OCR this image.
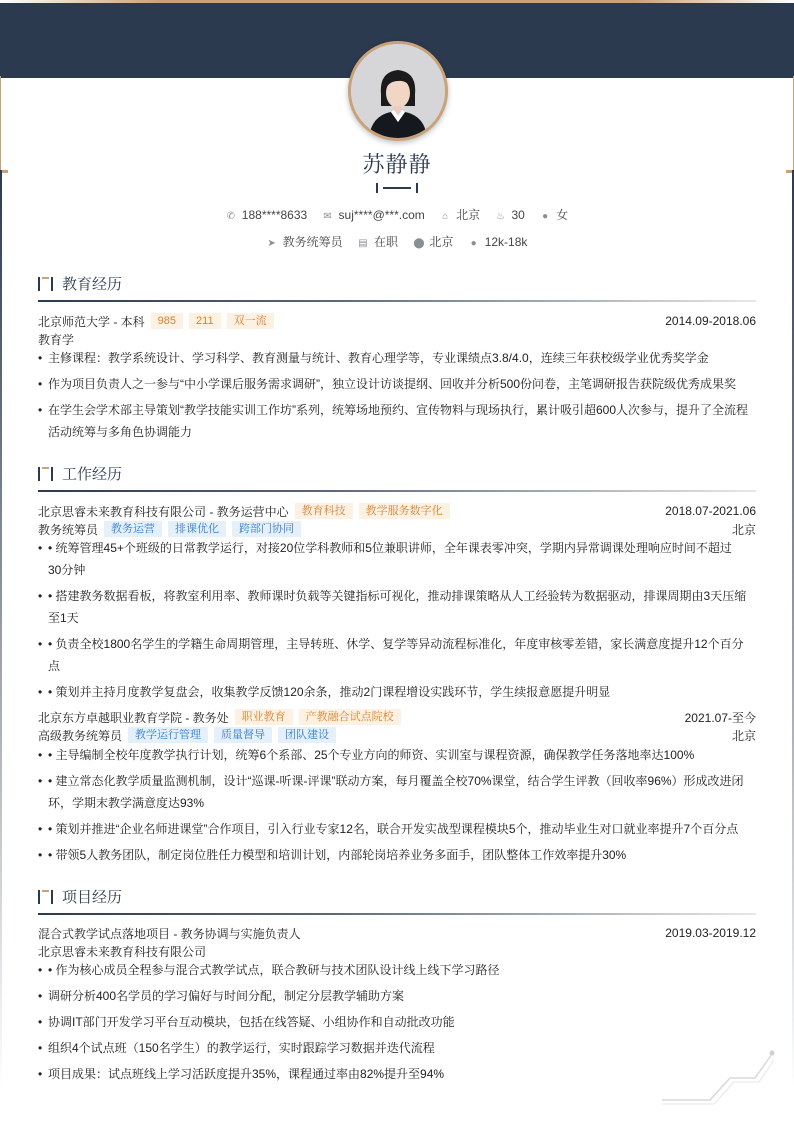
苏静静
✆ 188****8633 ✉ suj****@***.com ⌂ 北京 ♨ 30 ● 女
➤ 教务统筹员 ▤ 在职 ⬤ 北京 ● 12k-18k
教育经历
北京师范大学 - 本科	985	211	双一流	2014.09-2018.06
教育学
• 主修课程：教学系统设计、学习科学、教育测量与统计、教育心理学等，专业课绩点3.8/4.0，连续三年获校级学业优秀奖学金
• 作为项目负责人之一参与“中小学课后服务需求调研”，独立设计访谈提纲、回收并分析500份问卷，主笔调研报告获院级优秀成果奖
• 在学生会学术部主导策划“教学技能实训工作坊”系列，统筹场地预约、宣传物料与现场执行，累计吸引超600人次参与，提升了全流程
活动统筹与多角色协调能力
工作经历
北京思睿未来教育科技有限公司 - 教务运营中心	教育科技	教学服务数字化	2018.07-2021.06
教务统筹员	教务运营	排课优化	跨部门协同	北京
• • 统筹管理45+个班级的日常教学运行，对接20位学科教师和5位兼职讲师，全年课表零冲突，学期内异常调课处理响应时间不超过
30分钟
• • 搭建教务数据看板，将教室利用率、教师课时负载等关键指标可视化，推动排课策略从人工经验转为数据驱动，排课周期由3天压缩
至1天
• • 负责全校1800名学生的学籍生命周期管理，主导转班、休学、复学等异动流程标准化，年度审核零差错，家长满意度提升12个百分
点
• • 策划并主持月度教学复盘会，收集教学反馈120余条，推动2门课程增设实践环节，学生续报意愿提升明显
北京东方卓越职业教育学院 - 教务处	职业教育	产教融合试点院校	2021.07-至今
高级教务统筹员	教学运行管理	质量督导	团队建设	北京
• • 主导编制全校年度教学执行计划，统筹6个系部、25个专业方向的师资、实训室与课程资源，确保教学任务落地率达100%
• • 建立常态化教学质量监测机制，设计“巡课-听课-评课”联动方案，每月覆盖全校70%课堂，结合学生评教（回收率96%）形成改进闭
环，学期末教学满意度达93%
• • 策划并推进“企业名师进课堂”合作项目，引入行业专家12名，联合开发实战型课程模块5个，推动毕业生对口就业率提升7个百分点
• • 带领5人教务团队，制定岗位胜任力模型和培训计划，内部轮岗培养业务多面手，团队整体工作效率提升30%
项目经历
混合式教学试点落地项目 - 教务协调与实施负责人	2019.03-2019.12
北京思睿未来教育科技有限公司
• • 作为核心成员全程参与混合式教学试点，联合教研与技术团队设计线上线下学习路径
• 调研分析400名学员的学习偏好与时间分配，制定分层教学辅助方案
• 协调IT部门开发学习平台互动模块，包括在线答疑、小组协作和自动批改功能
• 组织4个试点班（150名学生）的教学运行，实时跟踪学习数据并迭代流程
• 项目成果：试点班线上学习活跃度提升35%，课程通过率由82%提升至94%
